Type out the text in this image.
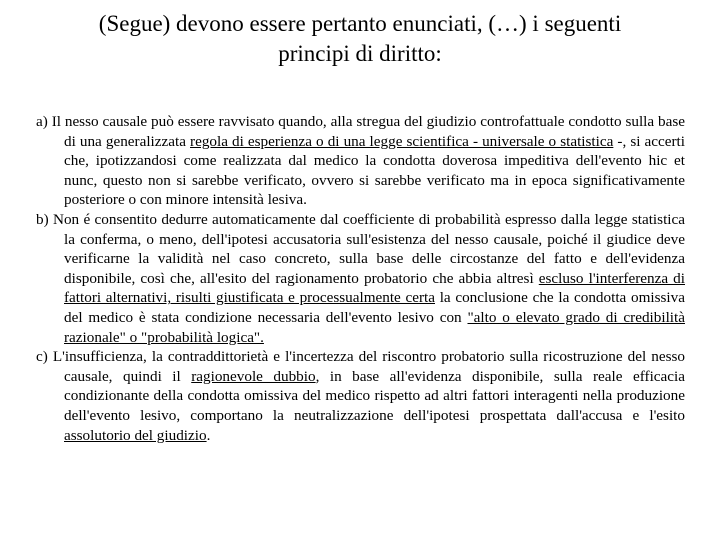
(Segue) devono essere pertanto enunciati, (…) i seguenti
principi di diritto:

a) Il nesso causale può essere ravvisato quando, alla stregua del giudizio controfattuale condotto sulla base di una generalizzata regola di esperienza o di una legge scientifica - universale o statistica -, si accerti che, ipotizzandosi come realizzata dal medico la condotta doverosa impeditiva dell'evento hic et nunc, questo non si sarebbe verificato, ovvero si sarebbe verificato ma in epoca significativamente posteriore o con minore intensità lesiva.

b) Non é consentito dedurre automaticamente dal coefficiente di probabilità espresso dalla legge statistica la conferma, o meno, dell'ipotesi accusatoria sull'esistenza del nesso causale, poiché il giudice deve verificarne la validità nel caso concreto, sulla base delle circostanze del fatto e dell'evidenza disponibile, così che, all'esito del ragionamento probatorio che abbia altresì escluso l'interferenza di fattori alternativi, risulti giustificata e processualmente certa la conclusione che la condotta omissiva del medico è stata condizione necessaria dell'evento lesivo con "alto o elevato grado di credibilità razionale" o "probabilità logica".

c) L'insufficienza, la contraddittorietà e l'incertezza del riscontro probatorio sulla ricostruzione del nesso causale, quindi il ragionevole dubbio, in base all'evidenza disponibile, sulla reale efficacia condizionante della condotta omissiva del medico rispetto ad altri fattori interagenti nella produzione dell'evento lesivo, comportano la neutralizzazione dell'ipotesi prospettata dall'accusa e l'esito assolutorio del giudizio.
